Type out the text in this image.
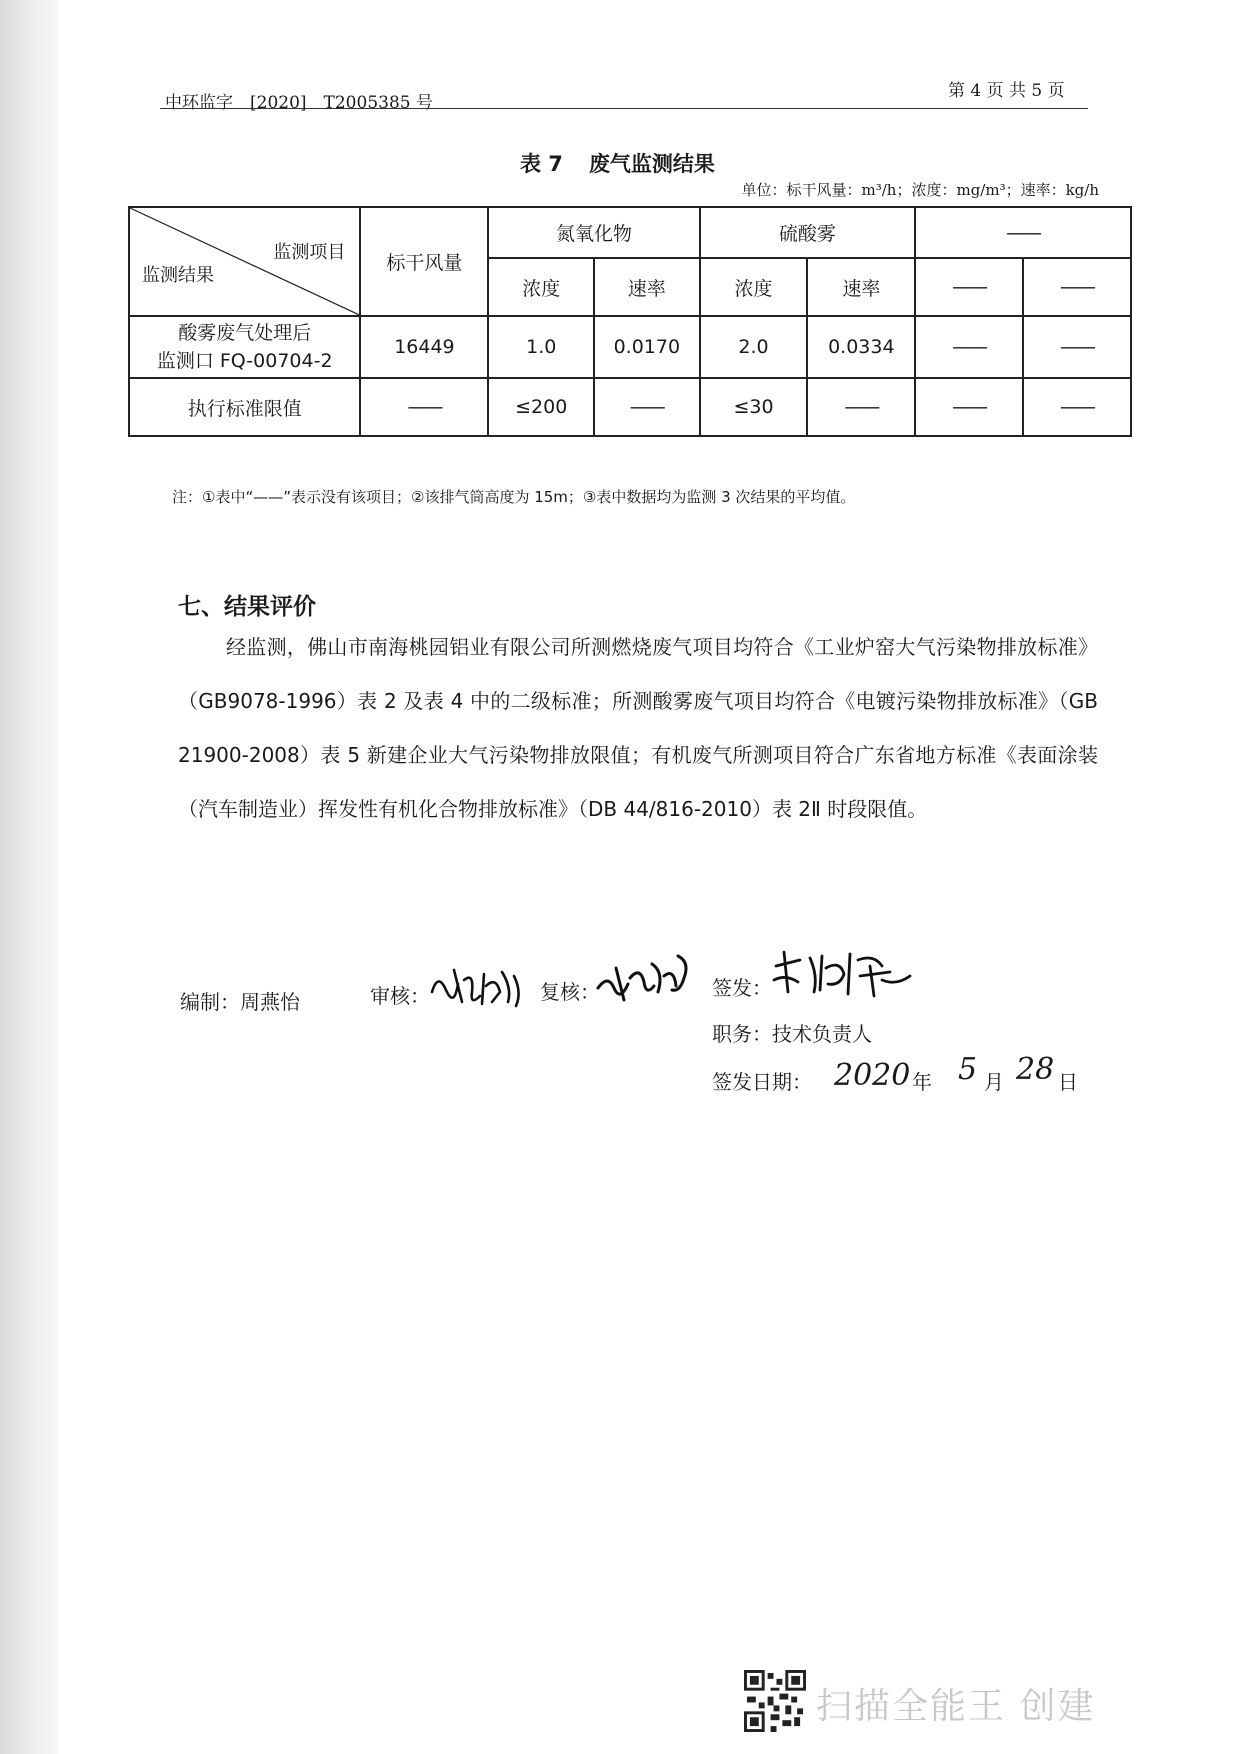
中环监字　[2020]　T2005385 号
第 4 页 共 5 页
表 7 废气监测结果
单位：标干风量：m³/h；浓度：mg/m³；速率：kg/h
监测项目
监测结果	标干风量	氮氧化物		硫酸雾		——	
		浓度	速率	浓度	速率	——	——

酸雾废气处理后
监测口 FQ-00704-2	16449	1.0	0.0170	2.0	0.0334	——	——
执行标准限值	——	≤200	——	≤30	——	——	——
注：①表中“——”表示没有该项目；②该排气筒高度为 15m；③表中数据均为监测 3 次结果的平均值。
七、结果评价
经监测，佛山市南海桃园铝业有限公司所测燃烧废气项目均符合《工业炉窑大气污染物排放标准》（GB9078-1996）表 2 及表 4 中的二级标准；所测酸雾废气项目均符合《电镀污染物排放标准》（GB 21900-2008）表 5 新建企业大气污染物排放限值；有机废气所测项目符合广东省地方标准《表面涂装（汽车制造业）挥发性有机化合物排放标准》（DB 44/816-2010）表 2Ⅱ 时段限值。
编制：周燕怡	审核：	复核：	签发：
职务：技术负责人
签发日期： 2020 年 5 月 28 日
扫描全能王 创建
